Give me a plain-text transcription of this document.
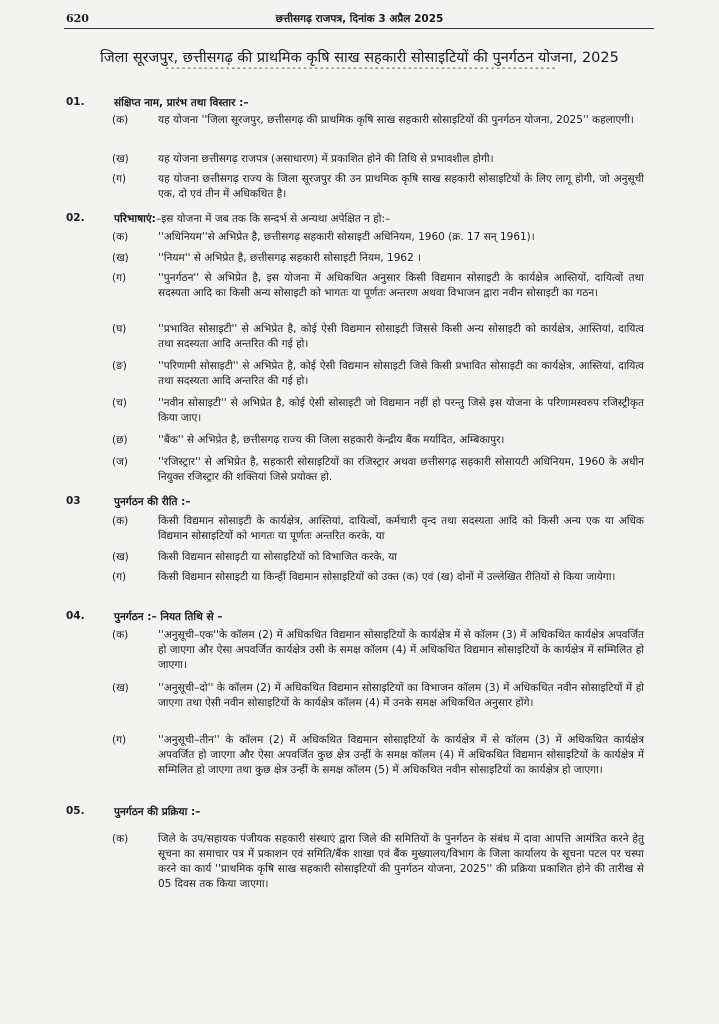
620	छत्तीसगढ़ राजपत्र, दिनांक 3 अप्रैल 2025
जिला सूरजपुर, छत्तीसगढ़ की प्राथमिक कृषि साख सहकारी सोसाइटियों की पुनर्गठन योजना, 2025
-----------------------------------------------------------------------
01.	संक्षिप्त नाम, प्रारंभ तथा विस्तार :–
(क)	यह योजना ''जिला सूरजपुर, छत्तीसगढ़ की प्राथमिक कृषि साख सहकारी सोसाइटियों की पुनर्गठन योजना, 2025'' कहलाएगी।
(ख)	यह योजना छत्तीसगढ़ राजपत्र (असाधारण) में प्रकाशित होने की तिथि से प्रभावशील होगी।
(ग)	यह योजना छत्तीसगढ़ राज्य के जिला सूरजपुर की उन प्राथमिक कृषि साख सहकारी सोसाइटियों के लिए लागू होगी, जो अनुसूची एक, दो एवं तीन में अधिकथित है।
02.	परिभाषाएं:–इस योजना में जब तक कि सन्दर्भ से अन्यथा अपेक्षित न हो:–
(क)	''अधिनियम''से अभिप्रेत है, छत्तीसगढ़ सहकारी सोसाइटी अधिनियम, 1960 (क्र. 17 सन् 1961)।
(ख)	''नियम'' से अभिप्रेत है, छत्तीसगढ़ सहकारी सोसाइटी नियम, 1962 ।
(ग)	''पुनर्गठन'' से अभिप्रेत है, इस योजना में अधिकथित अनुसार किसी विद्यमान सोसाइटी के कार्यक्षेत्र आस्तियों, दायित्वों तथा सदस्यता आदि का किसी अन्य सोसाइटी को भागतः या पूर्णतः अन्तरण अथवा विभाजन द्वारा नवीन सोसाइटी का गठन।
(घ)	''प्रभावित सोसाइटी'' से अभिप्रेत है, कोई ऐसी विद्यमान सोसाइटी जिससे किसी अन्य सोसाइटी को कार्यक्षेत्र, आस्तियां, दायित्व तथा सदस्यता आदि अन्तरित की गई हो।
(ङ)	''परिणामी सोसाइटी'' से अभिप्रेत है, कोई ऐसी विद्यमान सोसाइटी जिसे किसी प्रभावित सोसाइटी का कार्यक्षेत्र, आस्तियां, दायित्व तथा सदस्यता आदि अन्तरित की गई हो।
(च)	''नवीन सोसाइटी'' से अभिप्रेत है, कोई ऐसी सोसाइटी जो विद्यमान नहीं हो परन्तु जिसे इस योजना के परिणामस्वरुप रजिस्ट्रीकृत किया जाए।
(छ)	''बैंक'' से अभिप्रेत है, छत्तीसगढ़ राज्य की जिला सहकारी केन्द्रीय बैंक मर्यादित, अम्बिकापुर।
(ज)	''रजिस्ट्रार'' से अभिप्रेत है, सहकारी सोसाइटियों का रजिस्ट्रार अथवा छत्तीसगढ़ सहकारी सोसायटी अधिनियम, 1960 के अधीन नियुक्त रजिस्ट्रार की शक्तियां जिसे प्रयोक्त हो.
03	पुनर्गठन की रीति :–
(क)	किसी विद्यमान सोसाइटी के कार्यक्षेत्र, आस्तियां, दायित्वों, कर्मचारी वृन्द तथा सदस्यता आदि को किसी अन्य एक या अधिक विद्यमान सोसाइटियों को भागतः या पूर्णतः अन्तरित करके, या
(ख)	किसी विद्यमान सोसाइटी या सोसाइटियों को विभाजित करके, या
(ग)	किसी विद्यमान सोसाइटी या किन्हीं विद्यमान सोसाइटियों को उक्त (क) एवं (ख) दोनों में उल्लेखित रीतियों से किया जायेगा।
04.	पुनर्गठन :– नियत तिथि से –
(क)	''अनुसूची–एक''के कॉलम (2) में अधिकथित विद्यमान सोसाइटियों के कार्यक्षेत्र में से कॉलम (3) में अधिकथित कार्यक्षेत्र अपवर्जित हो जाएगा और ऐसा अपवर्जित कार्यक्षेत्र उसी के समक्ष कॉलम (4) में अधिकथित विद्यमान सोसाइटियों के कार्यक्षेत्र में सम्मिलित हो जाएगा।
(ख)	''अनुसूची–दो'' के कॉलम (2) में अधिकथित विद्यमान सोसाइटियों का विभाजन कॉलम (3) में अधिकथित नवीन सोसाइटियों में हो जाएगा तथा ऐसी नवीन सोसाइटियों के कार्यक्षेत्र कॉलम (4) में उनके समक्ष अधिकथित अनुसार होंगे।
(ग)	''अनुसूची–तीन'' के कॉलम (2) में अधिकथित विद्यमान सोसाइटियों के कार्यक्षेत्र में से कॉलम (3) में अधिकथित कार्यक्षेत्र अपवर्जित हो जाएगा और ऐसा अपवर्जित कुछ क्षेत्र उन्हीं के समक्ष कॉलम (4) में अधिकथित विद्यमान सोसाइटियों के कार्यक्षेत्र में सम्मिलित हो जाएगा तथा कुछ क्षेत्र उन्हीं के समक्ष कॉलम (5) में अधिकथित नवीन सोसाइटियों का कार्यक्षेत्र हो जाएगा।
05.	पुनर्गठन की प्रक्रिया :–
(क)	जिले के उप/सहायक पंजीयक सहकारी संस्थाएं द्वारा जिले की समितियों के पुनर्गठन के संबंध में दावा आपत्ति आमंत्रित करने हेतु सूचना का समाचार पत्र में प्रकाशन एवं समिति/बैंक शाखा एवं बैंक मुख्यालय/विभाग के जिला कार्यालय के सूचना पटल पर चस्पा करने का कार्य ''प्राथमिक कृषि साख सहकारी सोसाइटियों की पुनर्गठन योजना, 2025'' की प्रक्रिया प्रकाशित होने की तारीख से 05 दिवस तक किया जाएगा।
